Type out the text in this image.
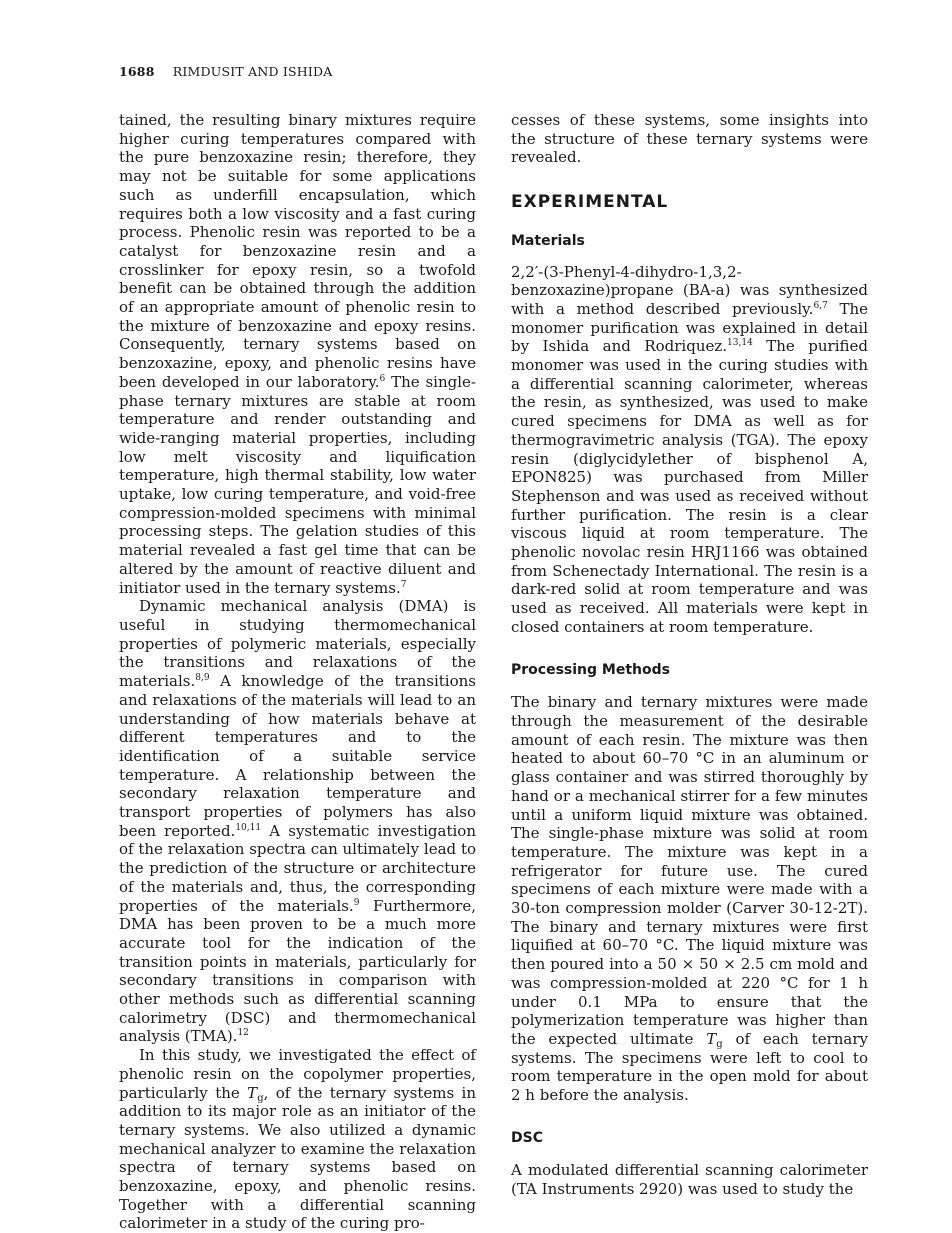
1688 RIMDUSIT AND ISHIDA

tained, the resulting binary mixtures require higher curing temperatures compared with the pure benzoxazine resin; therefore, they may not be suitable for some applications such as underfill encapsulation, which requires both a low viscosity and a fast curing process. Phenolic resin was reported to be a catalyst for benzoxazine resin and a crosslinker for epoxy resin, so a twofold benefit can be obtained through the addition of an appropriate amount of phenolic resin to the mixture of benzoxazine and epoxy resins. Consequently, ternary systems based on benzoxazine, epoxy, and phenolic resins have been developed in our laboratory.$^6$ The single-phase ternary mixtures are stable at room temperature and render outstanding and wide-ranging material properties, including low melt viscosity and liquification temperature, high thermal stability, low water uptake, low curing temperature, and void-free compression-molded specimens with minimal processing steps. The gelation studies of this material revealed a fast gel time that can be altered by the amount of reactive diluent and initiator used in the ternary systems.$^7$

Dynamic mechanical analysis (DMA) is useful in studying thermomechanical properties of polymeric materials, especially the transitions and relaxations of the materials.$^{8,9}$ A knowledge of the transitions and relaxations of the materials will lead to an understanding of how materials behave at different temperatures and to the identification of a suitable service temperature. A relationship between the secondary relaxation temperature and transport properties of polymers has also been reported.$^{10,11}$ A systematic investigation of the relaxation spectra can ultimately lead to the prediction of the structure or architecture of the materials and, thus, the corresponding properties of the materials.$^9$ Furthermore, DMA has been proven to be a much more accurate tool for the indication of the transition points in materials, particularly for secondary transitions in comparison with other methods such as differential scanning calorimetry (DSC) and thermomechanical analysis (TMA).$^{12}$

In this study, we investigated the effect of phenolic resin on the copolymer properties, particularly the $T_g$, of the ternary systems in addition to its major role as an initiator of the ternary systems. We also utilized a dynamic mechanical analyzer to examine the relaxation spectra of ternary systems based on benzoxazine, epoxy, and phenolic resins. Together with a differential scanning calorimeter in a study of the curing pro-

cesses of these systems, some insights into the structure of these ternary systems were revealed.

EXPERIMENTAL
Materials

2,2′-(3-Phenyl-4-dihydro-1,3,2-benzoxazine)propane (BA-a) was synthesized with a method described previously.$^{6,7}$ The monomer purification was explained in detail by Ishida and Rodriquez.$^{13,14}$ The purified monomer was used in the curing studies with a differential scanning calorimeter, whereas the resin, as synthesized, was used to make cured specimens for DMA as well as for thermogravimetric analysis (TGA). The epoxy resin (diglycidylether of bisphenol A, EPON825) was purchased from Miller Stephenson and was used as received without further purification. The resin is a clear viscous liquid at room temperature. The phenolic novolac resin HRJ1166 was obtained from Schenectady International. The resin is a dark-red solid at room temperature and was used as received. All materials were kept in closed containers at room temperature.

Processing Methods

The binary and ternary mixtures were made through the measurement of the desirable amount of each resin. The mixture was then heated to about 60–70 °C in an aluminum or glass container and was stirred thoroughly by hand or a mechanical stirrer for a few minutes until a uniform liquid mixture was obtained. The single-phase mixture was solid at room temperature. The mixture was kept in a refrigerator for future use. The cured specimens of each mixture were made with a 30-ton compression molder (Carver 30-12-2T). The binary and ternary mixtures were first liquified at 60–70 °C. The liquid mixture was then poured into a 50 × 50 × 2.5 cm mold and was compression-molded at 220 °C for 1 h under 0.1 MPa to ensure that the polymerization temperature was higher than the expected ultimate $T_g$ of each ternary systems. The specimens were left to cool to room temperature in the open mold for about 2 h before the analysis.

DSC

A modulated differential scanning calorimeter (TA Instruments 2920) was used to study the
